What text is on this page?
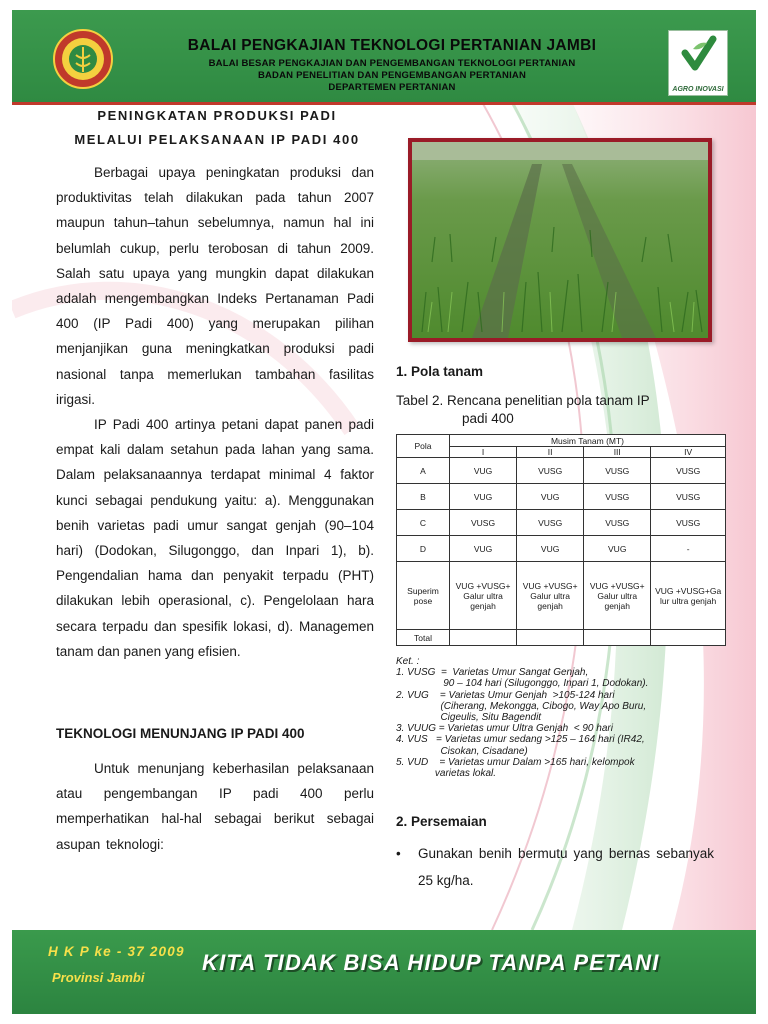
BALAI PENGKAJIAN TEKNOLOGI PERTANIAN JAMBI
BALAI BESAR PENGKAJIAN DAN PENGEMBANGAN TEKNOLOGI PERTANIAN
BADAN PENELITIAN DAN PENGEMBANGAN PERTANIAN
DEPARTEMEN PERTANIAN	AGRO INOVASI
PENINGKATAN PRODUKSI PADI
MELALUI PELAKSANAAN IP PADI 400

Berbagai upaya peningkatan produksi dan produktivitas telah dilakukan pada tahun 2007 maupun tahun–tahun sebelumnya, namun hal ini belumlah cukup, perlu terobosan di tahun 2009. Salah satu upaya yang mungkin dapat dilakukan adalah mengembangkan Indeks Pertanaman Padi 400 (IP Padi 400) yang merupakan pilihan menjanjikan guna meningkatkan produksi padi nasional tanpa memerlukan tambahan fasilitas irigasi.

IP Padi 400 artinya petani dapat panen padi empat kali dalam setahun pada lahan yang sama. Dalam pelaksanaannya terdapat minimal 4 faktor kunci sebagai pendukung yaitu: a). Menggunakan benih varietas padi umur sangat genjah (90–104 hari) (Dodokan, Silugonggo, dan Inpari 1), b). Pengendalian hama dan penyakit terpadu (PHT) dilakukan lebih operasional, c). Pengelolaan hara secara terpadu dan spesifik lokasi, d). Managemen tanam dan panen yang efisien.

TEKNOLOGI MENUNJANG IP PADI 400

Untuk menunjang keberhasilan pelaksanaan atau pengembangan IP padi 400 perlu memperhatikan hal-hal sebagai berikut sebagai asupan teknologi:

1. Pola tanam
Tabel 2. Rencana penelitian pola tanam IP
padi 400
Pola	Musim Tanam (MT)			
	I	II	III	IV
A	VUG	VUSG	VUSG	VUSG
B	VUG	VUG	VUSG	VUSG
C	VUSG	VUSG	VUSG	VUSG
D	VUG	VUG	VUG	-
Superim pose	VUG +VUSG+ Galur ultra genjah	VUG +VUSG+ Galur ultra genjah	VUG +VUSG+ Galur ultra genjah	VUG +VUSG+Ga lur ultra genjah
Total				
Ket. :
1. VUSG  =  Varietas Umur Sangat Genjah,
90 – 104 hari (Silugonggo, Inpari 1, Dodokan).
2. VUG    = Varietas Umur Genjah  >105-124 hari
(Ciherang, Mekongga, Cibogo, Way Apo Buru,
Cigeulis, Situ Bagendit
3. VUUG = Varietas umur Ultra Genjah  < 90 hari
4. VUS   = Varietas umur sedang >125 – 164 hari (IR42,
Cisokan, Cisadane)
5. VUD    = Varietas umur Dalam >165 hari, kelompok
varietas lokal.
2. Persemaian
•	Gunakan benih bermutu yang bernas sebanyak 25 kg/ha.
H K P ke - 37 2009
Provinsi Jambi
KITA TIDAK BISA HIDUP TANPA PETANI
